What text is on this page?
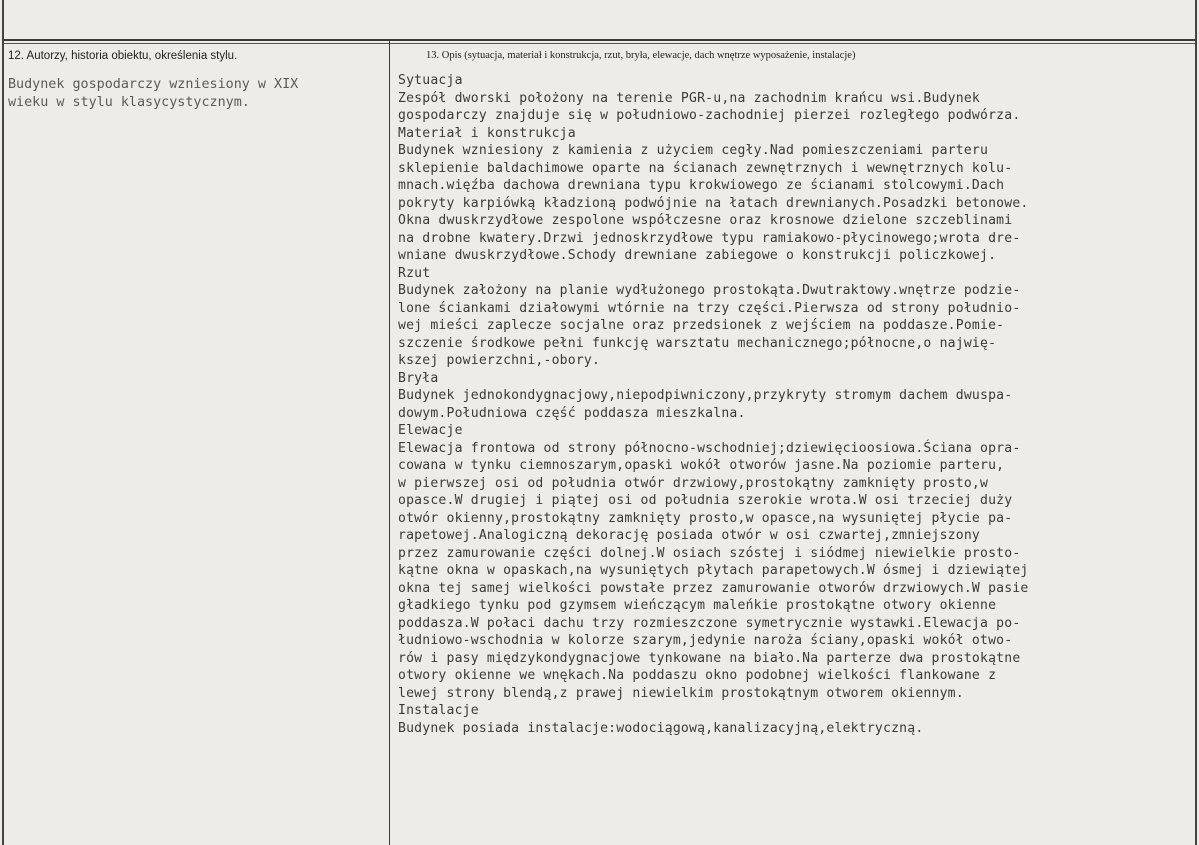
12. Autorzy, historia obiektu, określenia stylu.	13. Opis (sytuacja, materiał i konstrukcja, rzut, bryła, elewacje, dach wnętrze wyposażenie, instalacje)
Budynek gospodarczy wzniesiony w XIX
wieku w stylu klasycystycznym.
Sytuacja
Zespół dworski położony na terenie PGR-u,na zachodnim krańcu wsi.Budynek
gospodarczy znajduje się w południowo-zachodniej pierzei rozległego podwórza.
Materiał i konstrukcja
Budynek wzniesiony z kamienia z użyciem cegły.Nad pomieszczeniami parteru
sklepienie baldachimowe oparte na ścianach zewnętrznych i wewnętrznych kolu-
mnach.więźba dachowa drewniana typu krokwiowego ze ścianami stolcowymi.Dach
pokryty karpiówką kładzioną podwójnie na łatach drewnianych.Posadzki betonowe.
Okna dwuskrzydłowe zespolone współczesne oraz krosnowe dzielone szczeblinami
na drobne kwatery.Drzwi jednoskrzydłowe typu ramiakowo-płycinowego;wrota dre-
wniane dwuskrzydłowe.Schody drewniane zabiegowe o konstrukcji policzkowej.
Rzut
Budynek założony na planie wydłużonego prostokąta.Dwutraktowy.wnętrze podzie-
lone ściankami działowymi wtórnie na trzy części.Pierwsza od strony południo-
wej mieści zaplecze socjalne oraz przedsionek z wejściem na poddasze.Pomie-
szczenie środkowe pełni funkcję warsztatu mechanicznego;północne,o najwię-
kszej powierzchni,-obory.
Bryła
Budynek jednokondygnacjowy,niepodpiwniczony,przykryty stromym dachem dwuspa-
dowym.Południowa część poddasza mieszkalna.
Elewacje
Elewacja frontowa od strony północno-wschodniej;dziewięcioosiowa.Ściana opra-
cowana w tynku ciemnoszarym,opaski wokół otworów jasne.Na poziomie parteru,
w pierwszej osi od południa otwór drzwiowy,prostokątny zamknięty prosto,w
opasce.W drugiej i piątej osi od południa szerokie wrota.W osi trzeciej duży
otwór okienny,prostokątny zamknięty prosto,w opasce,na wysuniętej płycie pa-
rapetowej.Analogiczną dekorację posiada otwór w osi czwartej,zmniejszony
przez zamurowanie części dolnej.W osiach szóstej i siódmej niewielkie prosto-
kątne okna w opaskach,na wysuniętych płytach parapetowych.W ósmej i dziewiątej
okna tej samej wielkości powstałe przez zamurowanie otworów drzwiowych.W pasie
gładkiego tynku pod gzymsem wieńczącym maleńkie prostokątne otwory okienne
poddasza.W połaci dachu trzy rozmieszczone symetrycznie wystawki.Elewacja po-
łudniowo-wschodnia w kolorze szarym,jedynie naroża ściany,opaski wokół otwo-
rów i pasy międzykondygnacjowe tynkowane na biało.Na parterze dwa prostokątne
otwory okienne we wnękach.Na poddaszu okno podobnej wielkości flankowane z
lewej strony blendą,z prawej niewielkim prostokątnym otworem okiennym.
Instalacje
Budynek posiada instalacje:wodociągową,kanalizacyjną,elektryczną.
